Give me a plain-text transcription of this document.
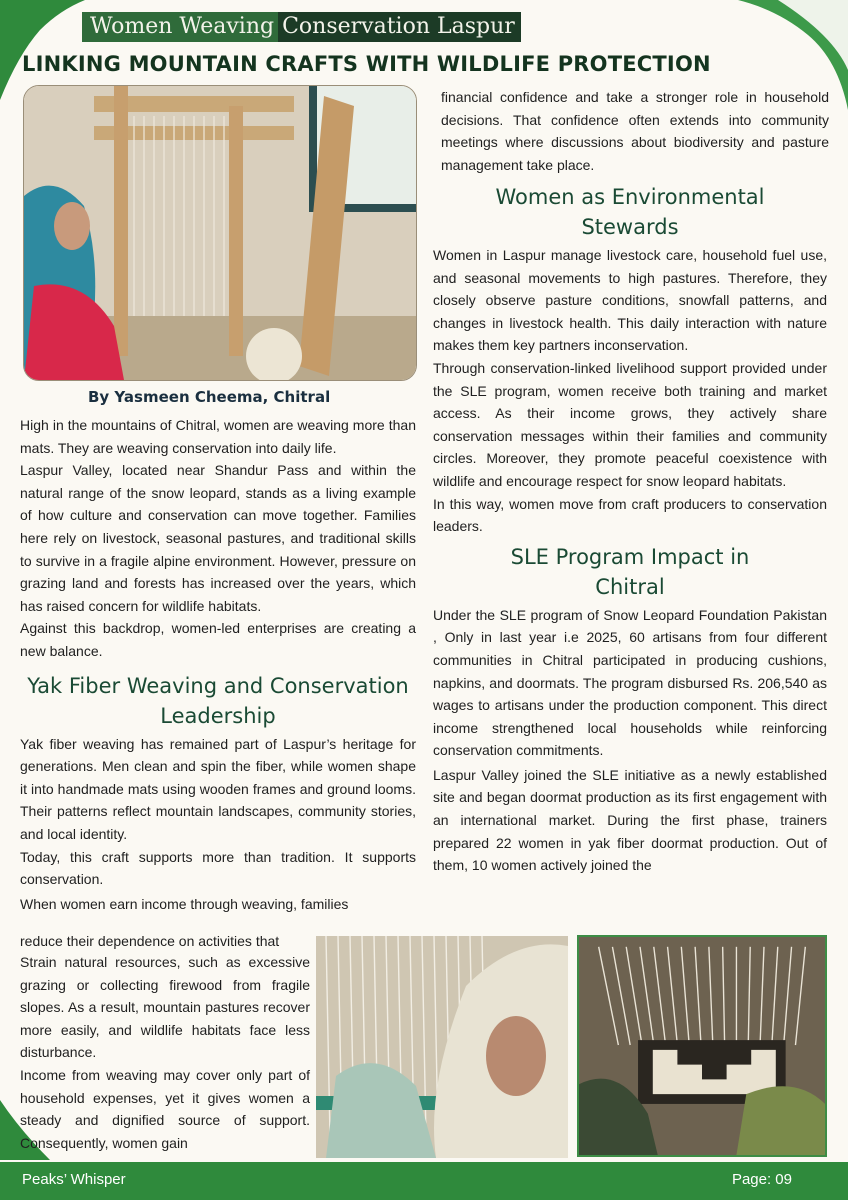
Women Weaving Conservation Laspur
LINKING MOUNTAIN CRAFTS WITH WILDLIFE PROTECTION
By Yasmeen Cheema, Chitral

High in the mountains of Chitral, women are weaving more than mats. They are weaving conservation into daily life.

Laspur Valley, located near Shandur Pass and within the natural range of the snow leopard, stands as a living example of how culture and conservation can move together. Families here rely on livestock, seasonal pastures, and traditional skills to survive in a fragile alpine environment. However, pressure on grazing land and forests has increased over the years, which has raised concern for wildlife habitats.

Against this backdrop, women-led enterprises are creating a new balance.

Yak Fiber Weaving and Conservation Leadership

Yak fiber weaving has remained part of Laspur’s heritage for generations. Men clean and spin the fiber, while women shape it into handmade mats using wooden frames and ground looms. Their patterns reflect mountain landscapes, community stories, and local identity.

Today, this craft supports more than tradition. It supports conservation.

When women earn income through weaving, families

reduce their dependence on activities that

Strain natural resources, such as excessive grazing or collecting firewood from fragile slopes. As a result, mountain pastures recover more easily, and wildlife habitats face less disturbance.

Income from weaving may cover only part of household expenses, yet it gives women a steady and dignified source of support. Consequently, women gain

financial confidence and take a stronger role in household decisions. That confidence often extends into community meetings where discussions about biodiversity and pasture management take place.

Women as Environmental Stewards

Women in Laspur manage livestock care, household fuel use, and seasonal movements to high pastures. Therefore, they closely observe pasture conditions, snowfall patterns, and changes in livestock health. This daily interaction with nature makes them key partners inconservation.

Through conservation-linked livelihood support provided under the SLE program, women receive both training and market access. As their income grows, they actively share conservation messages within their families and community circles. Moreover, they promote peaceful coexistence with wildlife and encourage respect for snow leopard habitats.

In this way, women move from craft producers to conservation leaders.

SLE Program Impact in Chitral

Under the SLE program of Snow Leopard Foundation Pakistan , Only in last year i.e 2025, 60 artisans from four different communities in Chitral participated in producing cushions, napkins, and doormats. The program disbursed Rs. 206,540 as wages to artisans under the production component. This direct income strengthened local households while reinforcing conservation commitments.

Laspur Valley joined the SLE initiative as a newly established site and began doormat production as its first engagement with an international market. During the first phase, trainers prepared 22 women in yak fiber doormat production. Out of them, 10 women actively joined the

Peaks’ Whisper	Page: 09
